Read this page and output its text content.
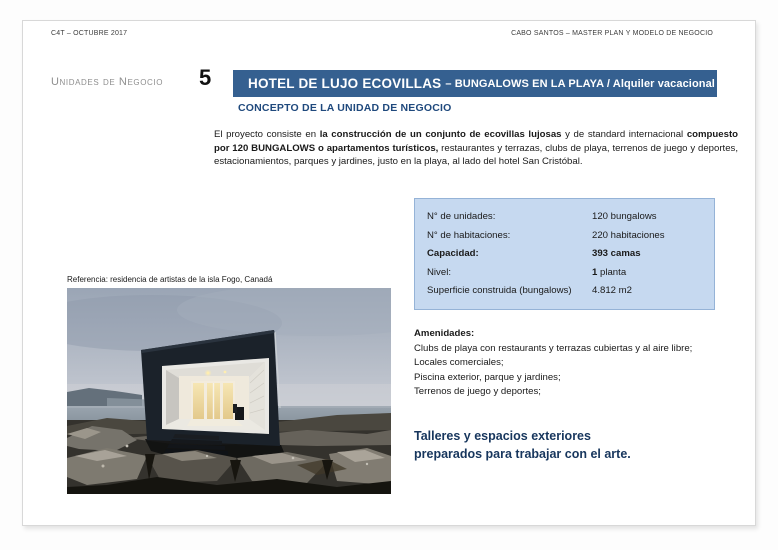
C4T – OCTUBRE 2017	CABO SANTOS – MASTER PLAN Y MODELO DE NEGOCIO
Unidades de Negocio 5	HOTEL DE LUJO ECOVILLAS – BUNGALOWS EN LA PLAYA / Alquiler vacacional
CONCEPTO DE LA UNIDAD DE NEGOCIO
El proyecto consiste en la construcción de un conjunto de ecovillas lujosas y de standard internacional compuesto por 120 BUNGALOWS o apartamentos turísticos, restaurantes y terrazas, clubs de playa, terrenos de juego y deportes, estacionamientos, parques y jardines, justo en la playa, al lado del hotel San Cristóbal.
N° de unidades:	120 bungalows
N° de habitaciones:	220 habitaciones
Capacidad:	393 camas
Nivel:	1 planta
Superficie construida (bungalows)	4.812 m2
Referencia: residencia de artistas de la isla Fogo, Canadá
Amenidades:
Clubs de playa con restaurants y terrazas cubiertas y al aire libre;
Locales comerciales;
Piscina exterior, parque y jardines;
Terrenos de juego y deportes;
Talleres y espacios exteriores preparados para trabajar con el arte.
